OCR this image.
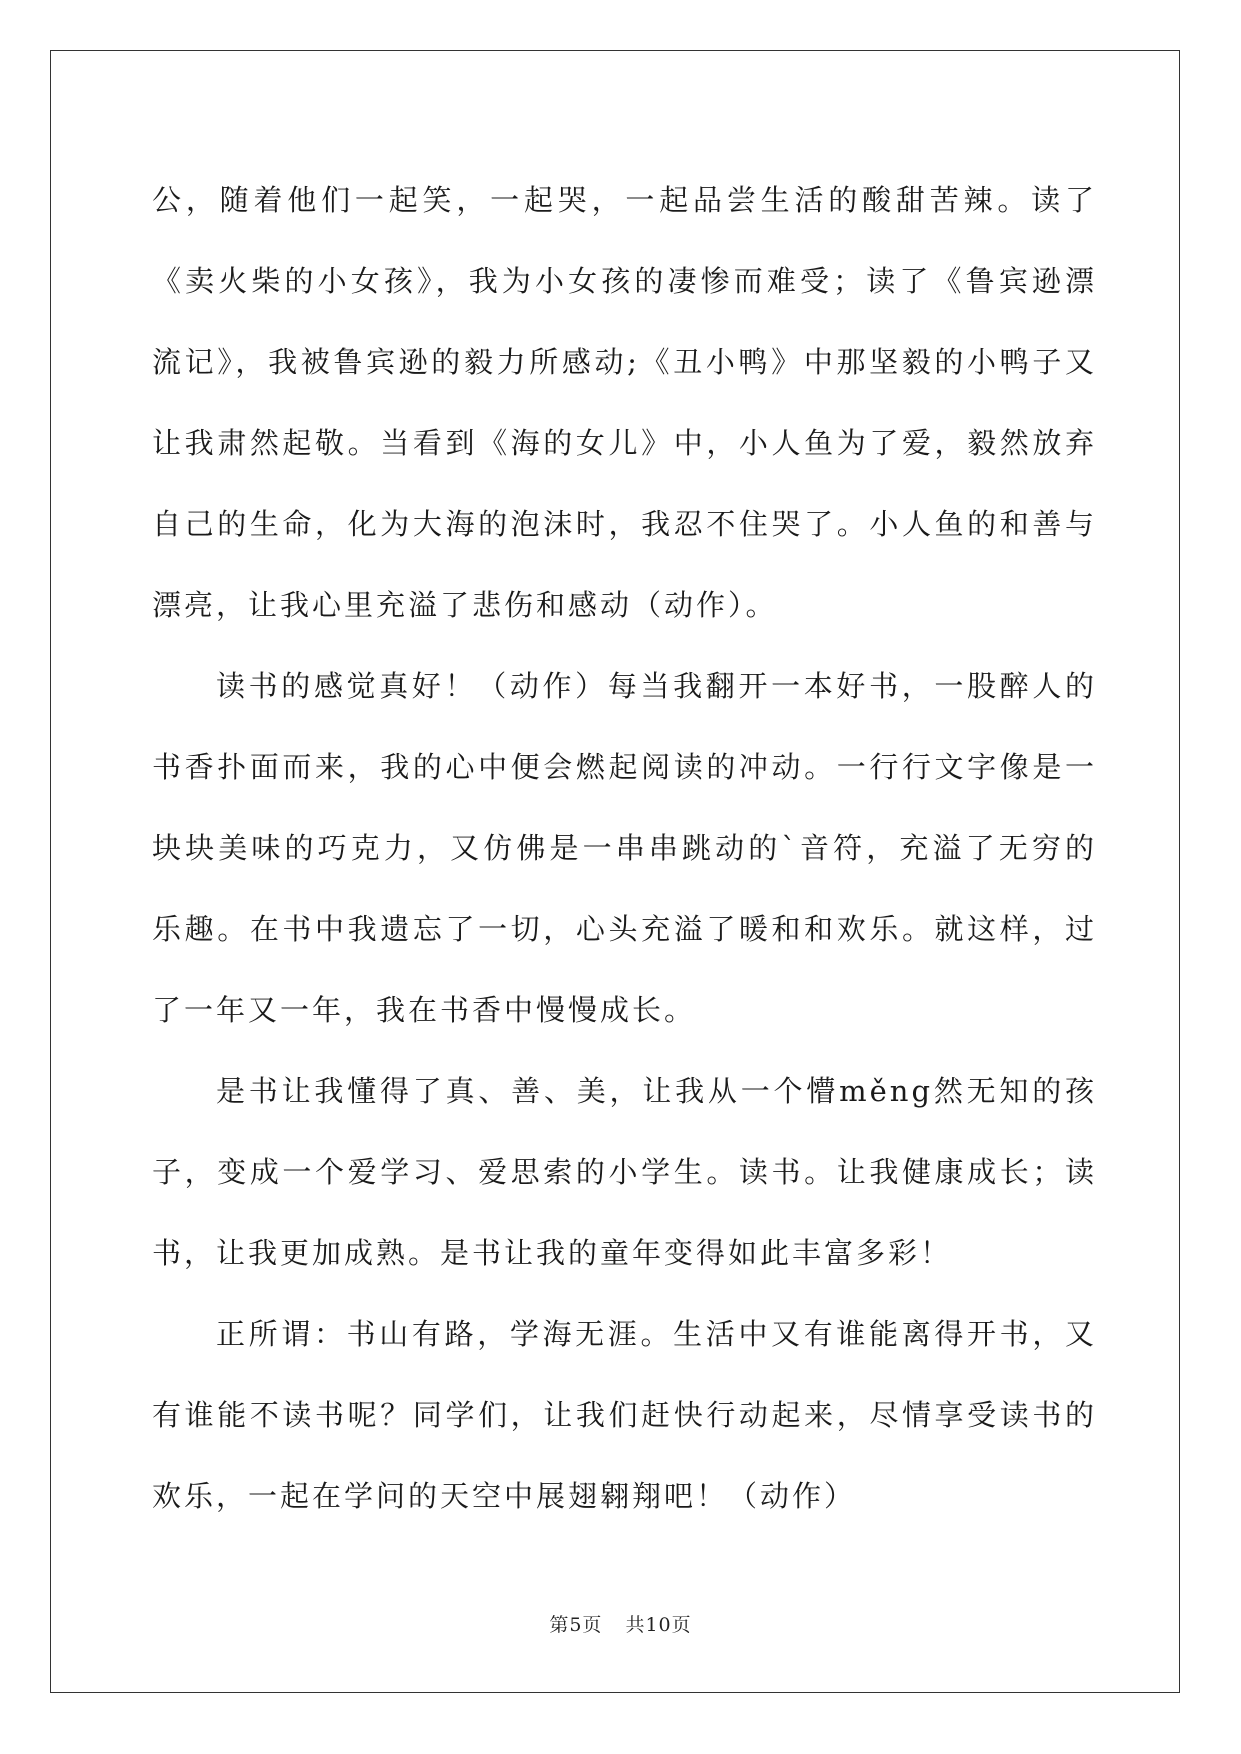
公，随着他们一起笑，一起哭，一起品尝生活的酸甜苦辣。读了《卖火柴的小女孩》，我为小女孩的凄惨而难受；读了《鲁宾逊漂流记》，我被鲁宾逊的毅力所感动;《丑小鸭》中那坚毅的小鸭子又让我肃然起敬。当看到《海的女儿》中，小人鱼为了爱，毅然放弃自己的生命，化为大海的泡沫时，我忍不住哭了。小人鱼的和善与漂亮，让我心里充溢了悲伤和感动（动作）。

读书的感觉真好！（动作）每当我翻开一本好书，一股醉人的书香扑面而来，我的心中便会燃起阅读的冲动。一行行文字像是一块块美味的巧克力，又仿佛是一串串跳动的`音符，充溢了无穷的乐趣。在书中我遗忘了一切，心头充溢了暖和和欢乐。就这样，过了一年又一年，我在书香中慢慢成长。

是书让我懂得了真、善、美，让我从一个懵měng然无知的孩子，变成一个爱学习、爱思索的小学生。读书。让我健康成长；读书，让我更加成熟。是书让我的童年变得如此丰富多彩！

正所谓：书山有路，学海无涯。生活中又有谁能离得开书，又有谁能不读书呢？同学们，让我们赶快行动起来，尽情享受读书的欢乐，一起在学问的天空中展翅翱翔吧！（动作）

第5页 共10页
